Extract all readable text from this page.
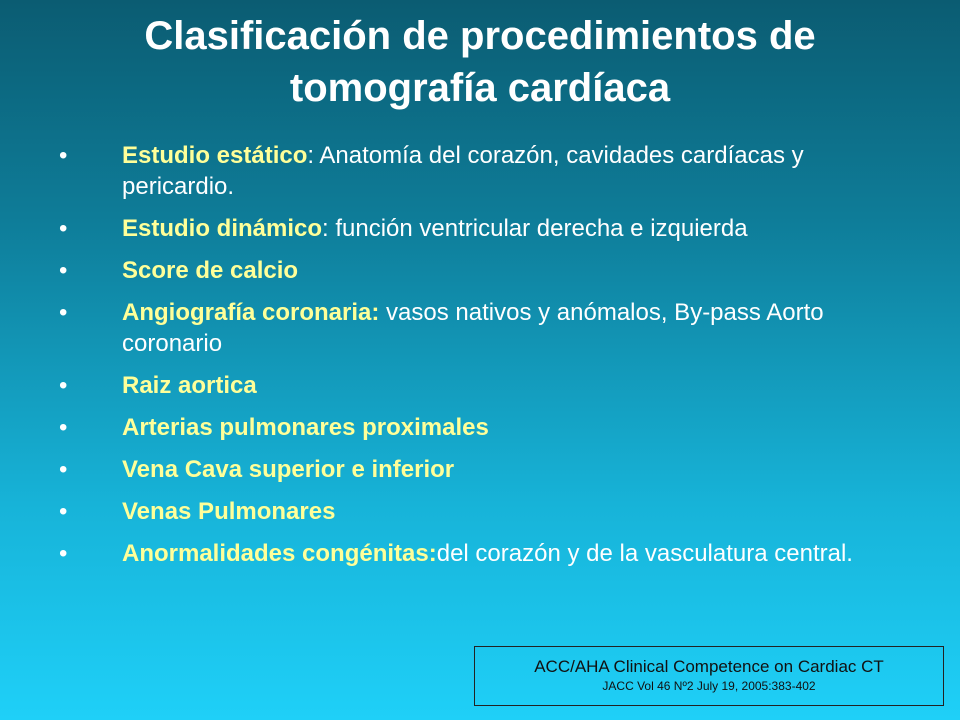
Clasificación de procedimientos de tomografía cardíaca
• Estudio estático: Anatomía del corazón, cavidades cardíacas y pericardio.
• Estudio dinámico: función ventricular derecha e izquierda
• Score de calcio
• Angiografía coronaria: vasos nativos y anómalos, By-pass Aorto coronario
• Raiz aortica
• Arterias pulmonares proximales
• Vena Cava superior e inferior
• Venas Pulmonares
• Anormalidades congénitas:del corazón y de la vasculatura central.
ACC/AHA Clinical Competence on Cardiac CT
JACC Vol 46 Nº2 July 19, 2005:383-402
